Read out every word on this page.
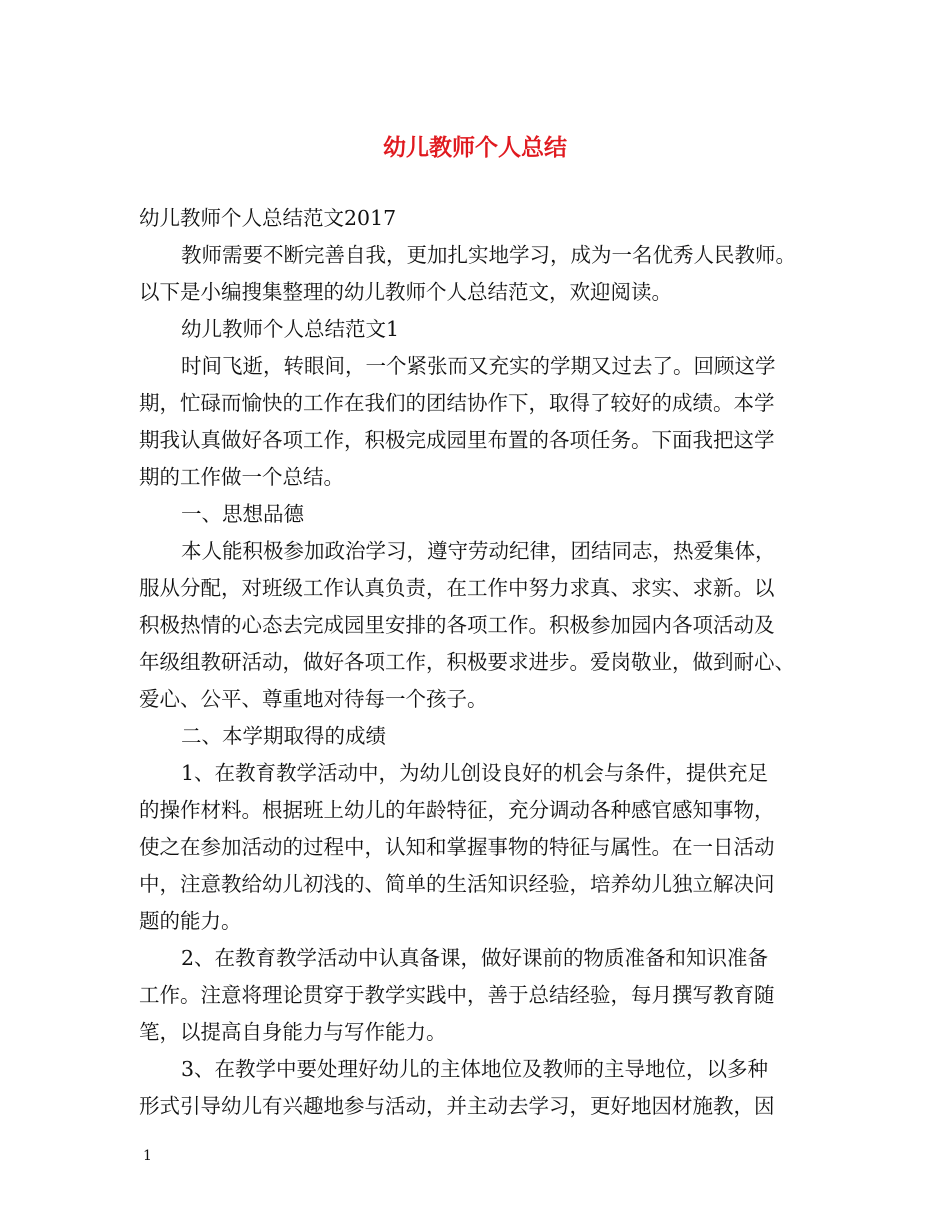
幼儿教师个人总结

幼儿教师个人总结范文2017

教师需要不断完善自我，更加扎实地学习，成为一名优秀人民教师。

以下是小编搜集整理的幼儿教师个人总结范文，欢迎阅读。

幼儿教师个人总结范文1

时间飞逝，转眼间，一个紧张而又充实的学期又过去了。回顾这学

期，忙碌而愉快的工作在我们的团结协作下，取得了较好的成绩。本学

期我认真做好各项工作，积极完成园里布置的各项任务。下面我把这学

期的工作做一个总结。

一、思想品德

本人能积极参加政治学习，遵守劳动纪律，团结同志，热爱集体，

服从分配，对班级工作认真负责，在工作中努力求真、求实、求新。以

积极热情的心态去完成园里安排的各项工作。积极参加园内各项活动及

年级组教研活动，做好各项工作，积极要求进步。爱岗敬业，做到耐心、

爱心、公平、尊重地对待每一个孩子。

二、本学期取得的成绩

1、在教育教学活动中，为幼儿创设良好的机会与条件，提供充足

的操作材料。根据班上幼儿的年龄特征，充分调动各种感官感知事物，

使之在参加活动的过程中，认知和掌握事物的特征与属性。在一日活动

中，注意教给幼儿初浅的、简单的生活知识经验，培养幼儿独立解决问

题的能力。

2、在教育教学活动中认真备课，做好课前的物质准备和知识准备

工作。注意将理论贯穿于教学实践中，善于总结经验，每月撰写教育随

笔，以提高自身能力与写作能力。

3、在教学中要处理好幼儿的主体地位及教师的主导地位，以多种

形式引导幼儿有兴趣地参与活动，并主动去学习，更好地因材施教，因

1
